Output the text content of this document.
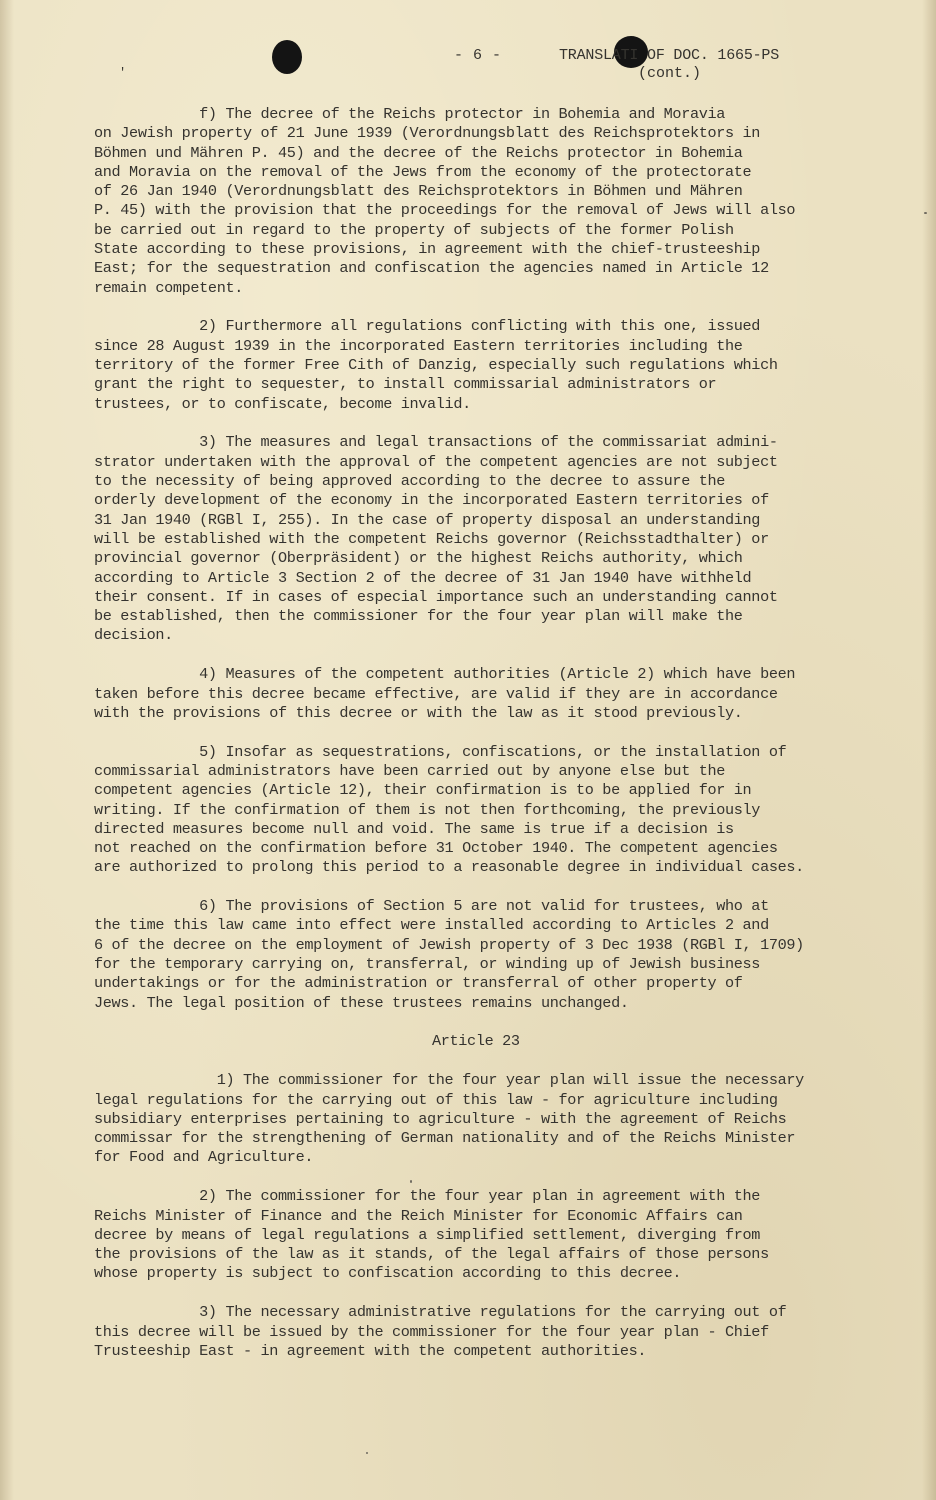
'
- 6 -	TRANSLATI OF DOC. 1665-PS
(cont.)
f) The decree of the Reichs protector in Bohemia and Moravia
on Jewish property of 21 June 1939 (Verordnungsblatt des Reichsprotektors in
Böhmen und Mähren P. 45) and the decree of the Reichs protector in Bohemia
and Moravia on the removal of the Jews from the economy of the protectorate
of 26 Jan 1940 (Verordnungsblatt des Reichsprotektors in Böhmen und Mähren
P. 45) with the provision that the proceedings for the removal of Jews will also
be carried out in regard to the property of subjects of the former Polish
State according to these provisions, in agreement with the chief-trusteeship
East; for the sequestration and confiscation the agencies named in Article 12
remain competent.
2) Furthermore all regulations conflicting with this one, issued
since 28 August 1939 in the incorporated Eastern territories including the
territory of the former Free Cith of Danzig, especially such regulations which
grant the right to sequester, to install commissarial administrators or
trustees, or to confiscate, become invalid.
3) The measures and legal transactions of the commissariat admini-
strator undertaken with the approval of the competent agencies are not subject
to the necessity of being approved according to the decree to assure the
orderly development of the economy in the incorporated Eastern territories of
31 Jan 1940 (RGBl I, 255). In the case of property disposal an understanding
will be established with the competent Reichs governor (Reichsstadthalter) or
provincial governor (Oberpräsident) or the highest Reichs authority, which
according to Article 3 Section 2 of the decree of 31 Jan 1940 have withheld
their consent. If in cases of especial importance such an understanding cannot
be established, then the commissioner for the four year plan will make the
decision.
4) Measures of the competent authorities (Article 2) which have been
taken before this decree became effective, are valid if they are in accordance
with the provisions of this decree or with the law as it stood previously.
5) Insofar as sequestrations, confiscations, or the installation of
commissarial administrators have been carried out by anyone else but the
competent agencies (Article 12), their confirmation is to be applied for in
writing. If the confirmation of them is not then forthcoming, the previously
directed measures become null and void. The same is true if a decision is
not reached on the confirmation before 31 October 1940. The competent agencies
are authorized to prolong this period to a reasonable degree in individual cases.
6) The provisions of Section 5 are not valid for trustees, who at
the time this law came into effect were installed according to Articles 2 and
6 of the decree on the employment of Jewish property of 3 Dec 1938 (RGBl I, 1709)
for the temporary carrying on, transferral, or winding up of Jewish business
undertakings or for the administration or transferral of other property of
Jews. The legal position of these trustees remains unchanged.
Article 23
1) The commissioner for the four year plan will issue the necessary
legal regulations for the carrying out of this law - for agriculture including
subsidiary enterprises pertaining to agriculture - with the agreement of Reichs
commissar for the strengthening of German nationality and of the Reichs Minister
for Food and Agriculture.
2) The commissioner for the four year plan in agreement with the
Reichs Minister of Finance and the Reich Minister for Economic Affairs can
decree by means of legal regulations a simplified settlement, diverging from
the provisions of the law as it stands, of the legal affairs of those persons
whose property is subject to confiscation according to this decree.
3) The necessary administrative regulations for the carrying out of
this decree will be issued by the commissioner for the four year plan - Chief
Trusteeship East - in agreement with the competent authorities.
